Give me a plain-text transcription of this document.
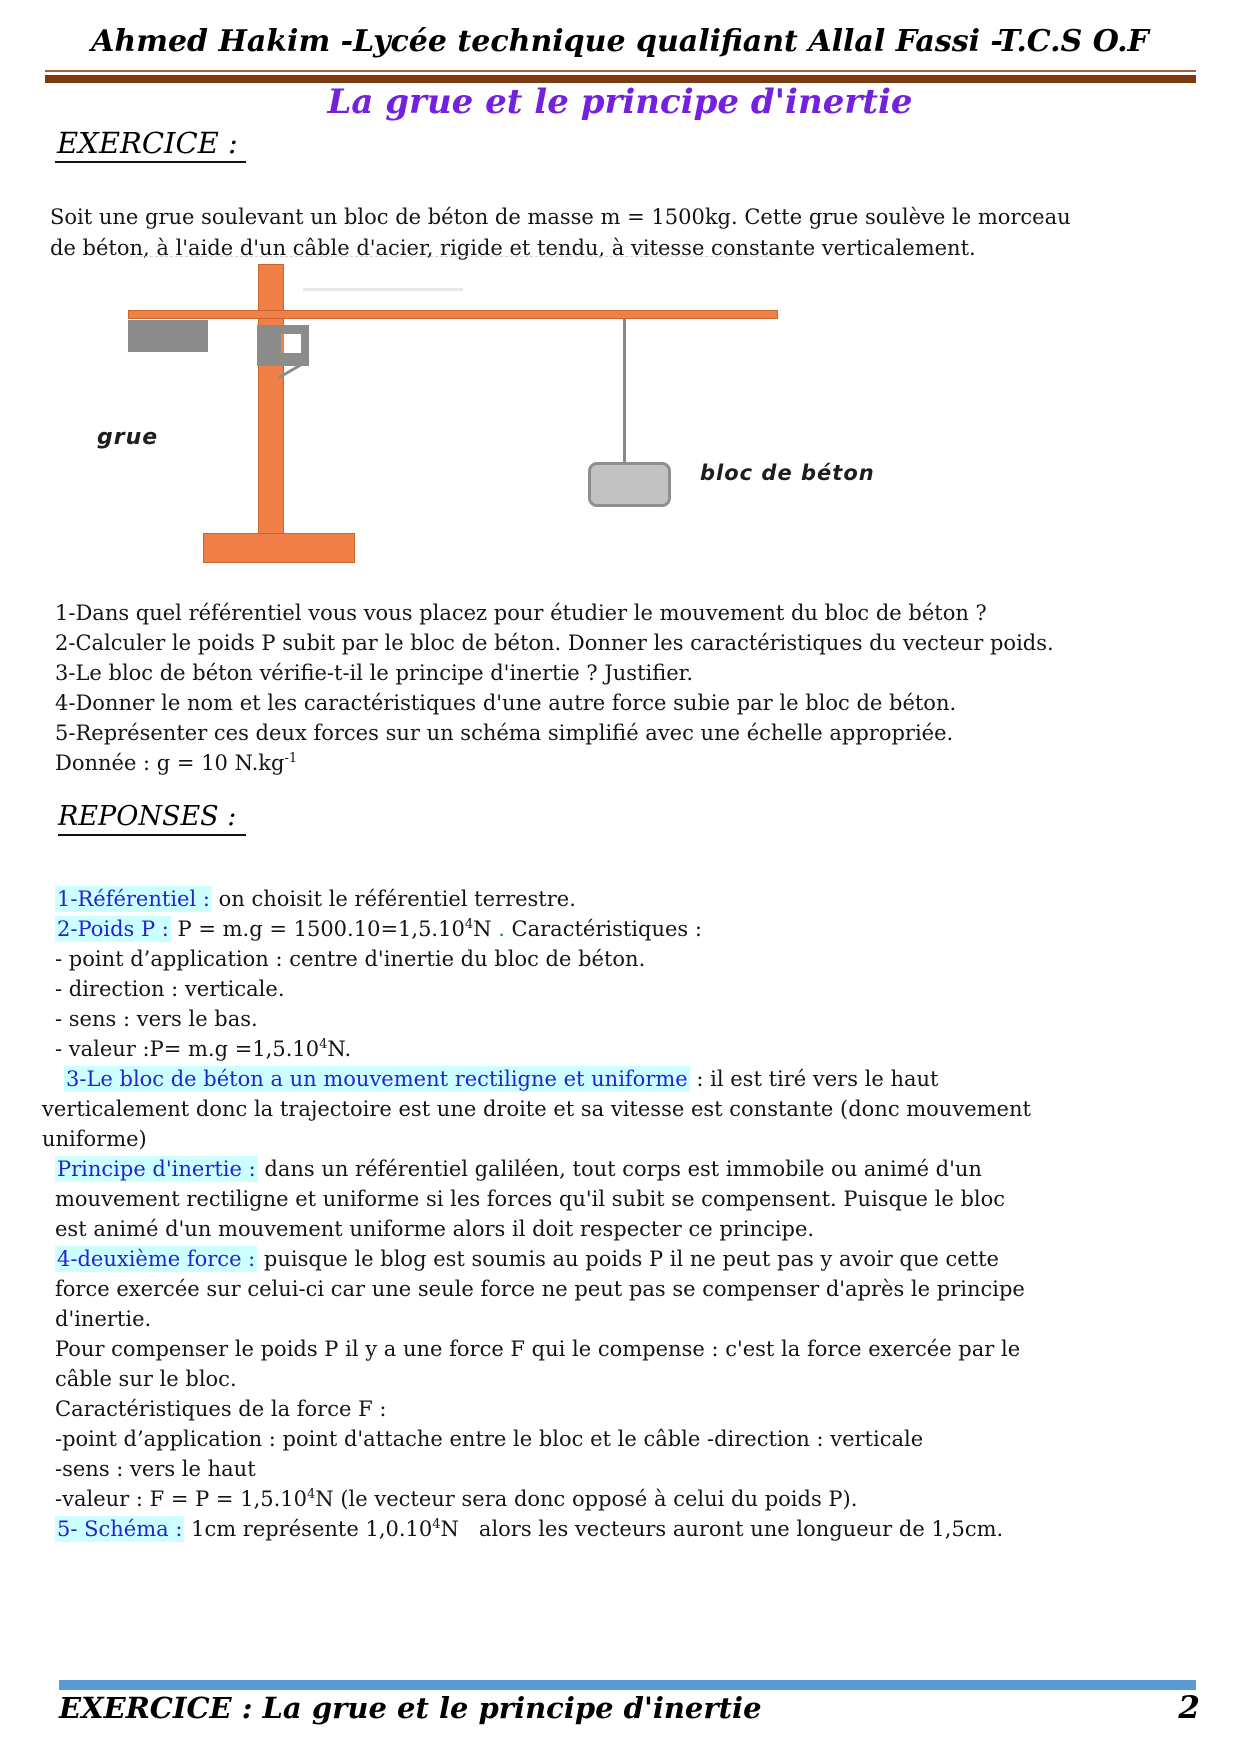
Ahmed Hakim -Lycée technique qualifiant Allal Fassi -T.C.S O.F
La grue et le principe d'inertie
EXERCICE :
Soit une grue soulevant un bloc de béton de masse m = 1500kg. Cette grue soulève le morceau
de béton, à l'aide d'un câble d'acier, rigide et tendu, à vitesse constante verticalement.
grue
bloc de béton
1-Dans quel référentiel vous vous placez pour étudier le mouvement du bloc de béton ?
2-Calculer le poids P subit par le bloc de béton. Donner les caractéristiques du vecteur poids.
3-Le bloc de béton vérifie-t-il le principe d'inertie ? Justifier.
4-Donner le nom et les caractéristiques d'une autre force subie par le bloc de béton.
5-Représenter ces deux forces sur un schéma simplifié avec une échelle appropriée.
Donnée : g = 10 $N.kg^{-1}$
REPONSES :
1-Référentiel : on choisit le référentiel terrestre.
2-Poids P : $P = m.g = 1500.10=1,5.10^4N$ . Caractéristiques :
- point d’application : centre d'inertie du bloc de béton.
- direction : verticale.
- sens : vers le bas.
- valeur :P= $m.g =1,5.10^4N$.
3-Le bloc de béton a un mouvement rectiligne et uniforme : il est tiré vers le haut
verticalement donc la trajectoire est une droite et sa vitesse est constante (donc mouvement
uniforme)
Principe d'inertie : dans un référentiel galiléen, tout corps est immobile ou animé d'un
mouvement rectiligne et uniforme si les forces qu'il subit se compensent. Puisque le bloc
est animé d'un mouvement uniforme alors il doit respecter ce principe.
4-deuxième force : puisque le blog est soumis au poids P il ne peut pas y avoir que cette
force exercée sur celui-ci car une seule force ne peut pas se compenser d'après le principe
d'inertie.
Pour compenser le poids P il y a une force F qui le compense : c'est la force exercée par le
câble sur le bloc.
Caractéristiques de la force F :
-point d’application : point d'attache entre le bloc et le câble -direction : verticale
-sens : vers le haut
-valeur : $F = P = 1,5.10^4N$ (le vecteur sera donc opposé à celui du poids P).
5- Schéma : 1cm représente 1,0.10$^4$N   alors les vecteurs auront une longueur de 1,5cm.
EXERCICE : La grue et le principe d'inertie	2
